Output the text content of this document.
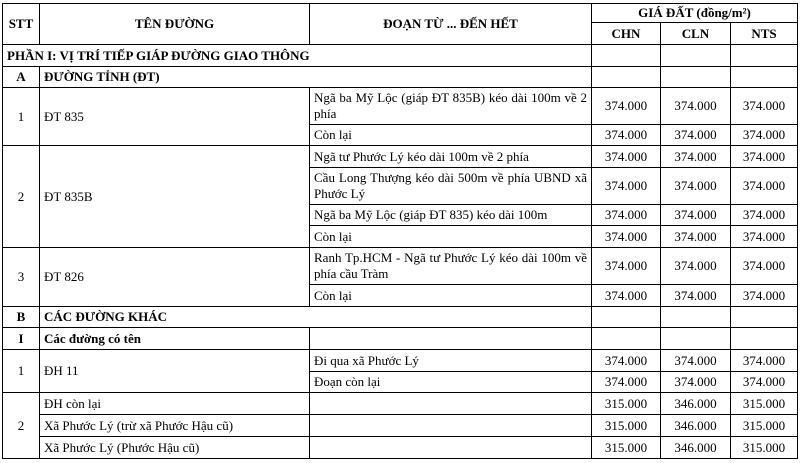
STT	TÊN ĐƯỜNG	ĐOẠN TỪ ... ĐẾN HẾT	GIÁ ĐẤT (đồng/m²)		
			CHN	CLN	NTS
PHẦN I: VỊ TRÍ TIẾP GIÁP ĐƯỜNG GIAO THÔNG					
A	ĐƯỜNG TỈNH (ĐT)				
1	ĐT 835	Ngã ba Mỹ Lộc (giáp ĐT 835B) kéo dài 100m về 2 phía	374.000	374.000	374.000
		Còn lại	374.000	374.000	374.000
2	ĐT 835B	Ngã tư Phước Lý kéo dài 100m về 2 phía	374.000	374.000	374.000
		Cầu Long Thượng kéo dài 500m về phía UBND xã Phước Lý	374.000	374.000	374.000
		Ngã ba Mỹ Lộc (giáp ĐT 835) kéo dài 100m	374.000	374.000	374.000
		Còn lại	374.000	374.000	374.000
3	ĐT 826	Ranh Tp.HCM - Ngã tư Phước Lý kéo dài 100m về phía cầu Tràm	374.000	374.000	374.000
		Còn lại	374.000	374.000	374.000
B	CÁC ĐƯỜNG KHÁC				
I	Các đường có tên				
1	ĐH 11	Đi qua xã Phước Lý	374.000	374.000	374.000
		Đoạn còn lại	374.000	374.000	374.000
2	ĐH còn lại		315.000	346.000	315.000
	Xã Phước Lý (trừ xã Phước Hậu cũ)		315.000	346.000	315.000
	Xã Phước Lý (Phước Hậu cũ)		315.000	346.000	315.000
